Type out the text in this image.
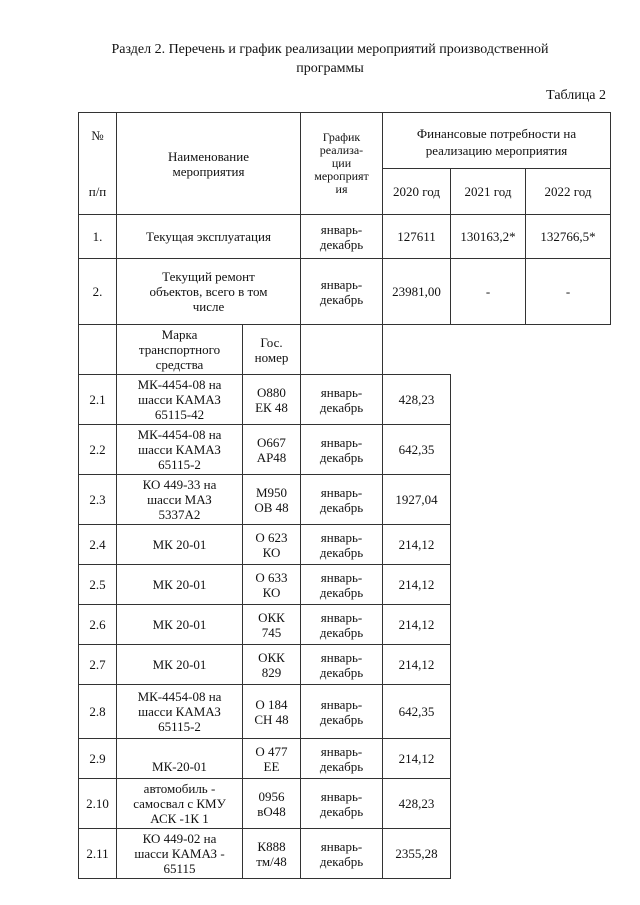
Раздел 2. Перечень и график реализации мероприятий производственной
программы
Таблица 2

№

п/п	Наименование
мероприятия		График
реализа-
ции
мероприят
ия	Финансовые потребности на
реализацию мероприятия		
				2020 год	2021 год	2022 год
1.	Текущая эксплуатация		январь-
декабрь	127611	130163,2*	132766,5*
2.	Текущий ремонт
объектов, всего в том
числе		январь-
декабрь	23981,00	-	-
	Марка
транспортного
средства	Гос.
номер				
2.1	МК-4454-08 на
шасси КАМАЗ
65115-42	О880
ЕК 48	январь-
декабрь	428,23		
2.2	МК-4454-08 на
шасси КАМАЗ
65115-2	О667
АР48	январь-
декабрь	642,35		
2.3	КО 449-33 на
шасси МАЗ
5337А2	М950
ОВ 48	январь-
декабрь	1927,04		
2.4	МК 20-01	О 623
КО	январь-
декабрь	214,12		
2.5	МК 20-01	О 633
КО	январь-
декабрь	214,12		
2.6	МК 20-01	ОКК
745	январь-
декабрь	214,12		
2.7	МК 20-01	ОКК
829	январь-
декабрь	214,12		
2.8	МК-4454-08 на
шасси КАМАЗ
65115-2	О 184
СН 48	январь-
декабрь	642,35		
2.9	МК-20-01	О 477
ЕЕ	январь-
декабрь	214,12		
2.10	автомобиль -
самосвал с КМУ
АСК -1К 1	0956
вО48	январь-
декабрь	428,23		
2.11	КО 449-02 на
шасси КАМАЗ -
65115	К888
тм/48	январь-
декабрь	2355,28		
